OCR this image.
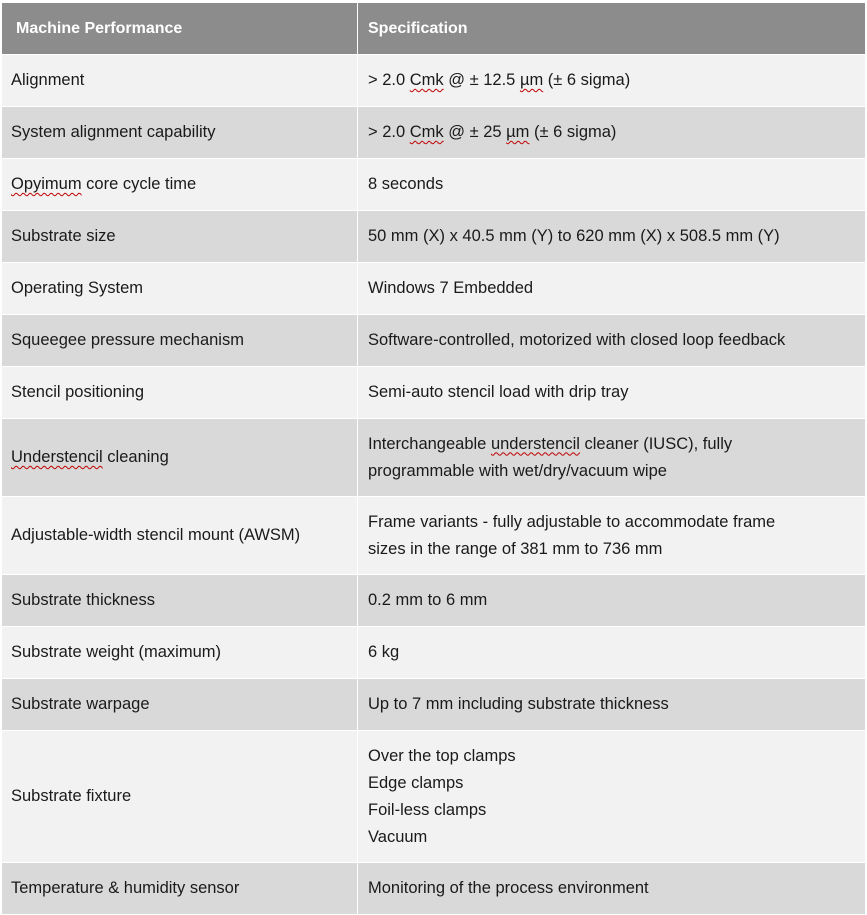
Machine Performance	Specification
Alignment	> 2.0 Cmk @ ± 12.5 µm (± 6 sigma)

System alignment capability	> 2.0 Cmk @ ± 25 µm (± 6 sigma)

Opyimum core cycle time	8 seconds

Substrate size	50 mm (X) x 40.5 mm (Y) to 620 mm (X) x 508.5 mm (Y)

Operating System	Windows 7 Embedded

Squeegee pressure mechanism	Software-controlled, motorized with closed loop feedback

Stencil positioning	Semi-auto stencil load with drip tray

Understencil cleaning	Interchangeable understencil cleaner (IUSC), fully
programmable with wet/dry/vacuum wipe

Adjustable-width stencil mount (AWSM)	Frame variants - fully adjustable to accommodate frame
sizes in the range of 381 mm to 736 mm

Substrate thickness	0.2 mm to 6 mm

Substrate weight (maximum)	6 kg

Substrate warpage	Up to 7 mm including substrate thickness

Substrate fixture	Over the top clamps
Edge clamps
Foil-less clamps
Vacuum

Temperature & humidity sensor	Monitoring of the process environment
